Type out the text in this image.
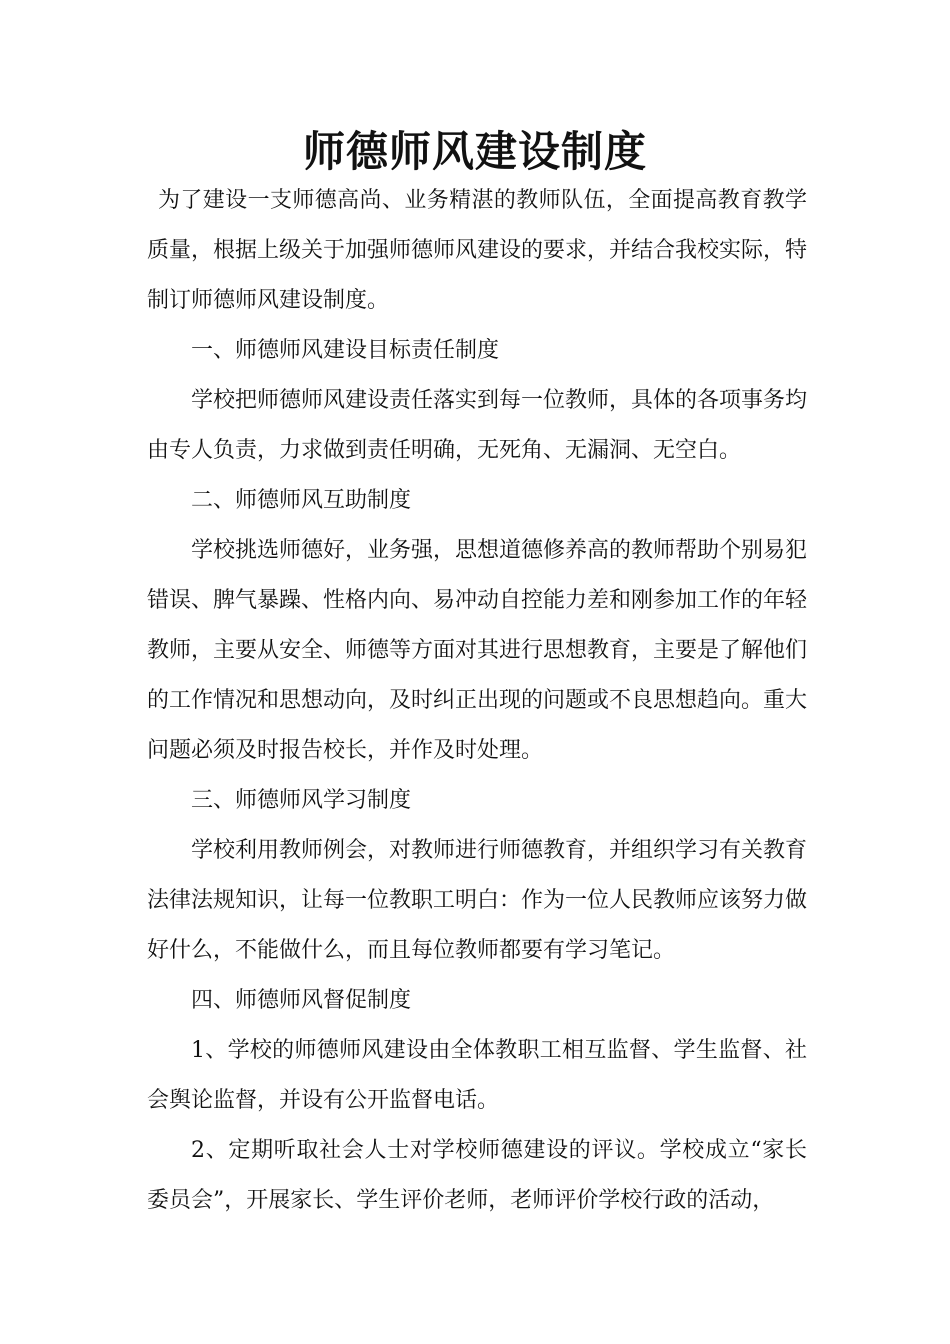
师德师风建设制度

为了建设一支师德高尚、业务精湛的教师队伍，全面提高教育教学质量，根据上级关于加强师德师风建设的要求，并结合我校实际，特制订师德师风建设制度。

一、师德师风建设目标责任制度

学校把师德师风建设责任落实到每一位教师，具体的各项事务均由专人负责，力求做到责任明确，无死角、无漏洞、无空白。

二、师德师风互助制度

学校挑选师德好，业务强，思想道德修养高的教师帮助个别易犯错误、脾气暴躁、性格内向、易冲动自控能力差和刚参加工作的年轻教师，主要从安全、师德等方面对其进行思想教育，主要是了解他们的工作情况和思想动向，及时纠正出现的问题或不良思想趋向。重大问题必须及时报告校长，并作及时处理。

三、师德师风学习制度

学校利用教师例会，对教师进行师德教育，并组织学习有关教育法律法规知识，让每一位教职工明白：作为一位人民教师应该努力做好什么，不能做什么，而且每位教师都要有学习笔记。

四、师德师风督促制度

1、学校的师德师风建设由全体教职工相互监督、学生监督、社会舆论监督，并设有公开监督电话。

2、定期听取社会人士对学校师德建设的评议。学校成立“家长委员会”，开展家长、学生评价老师，老师评价学校行政的活动，
